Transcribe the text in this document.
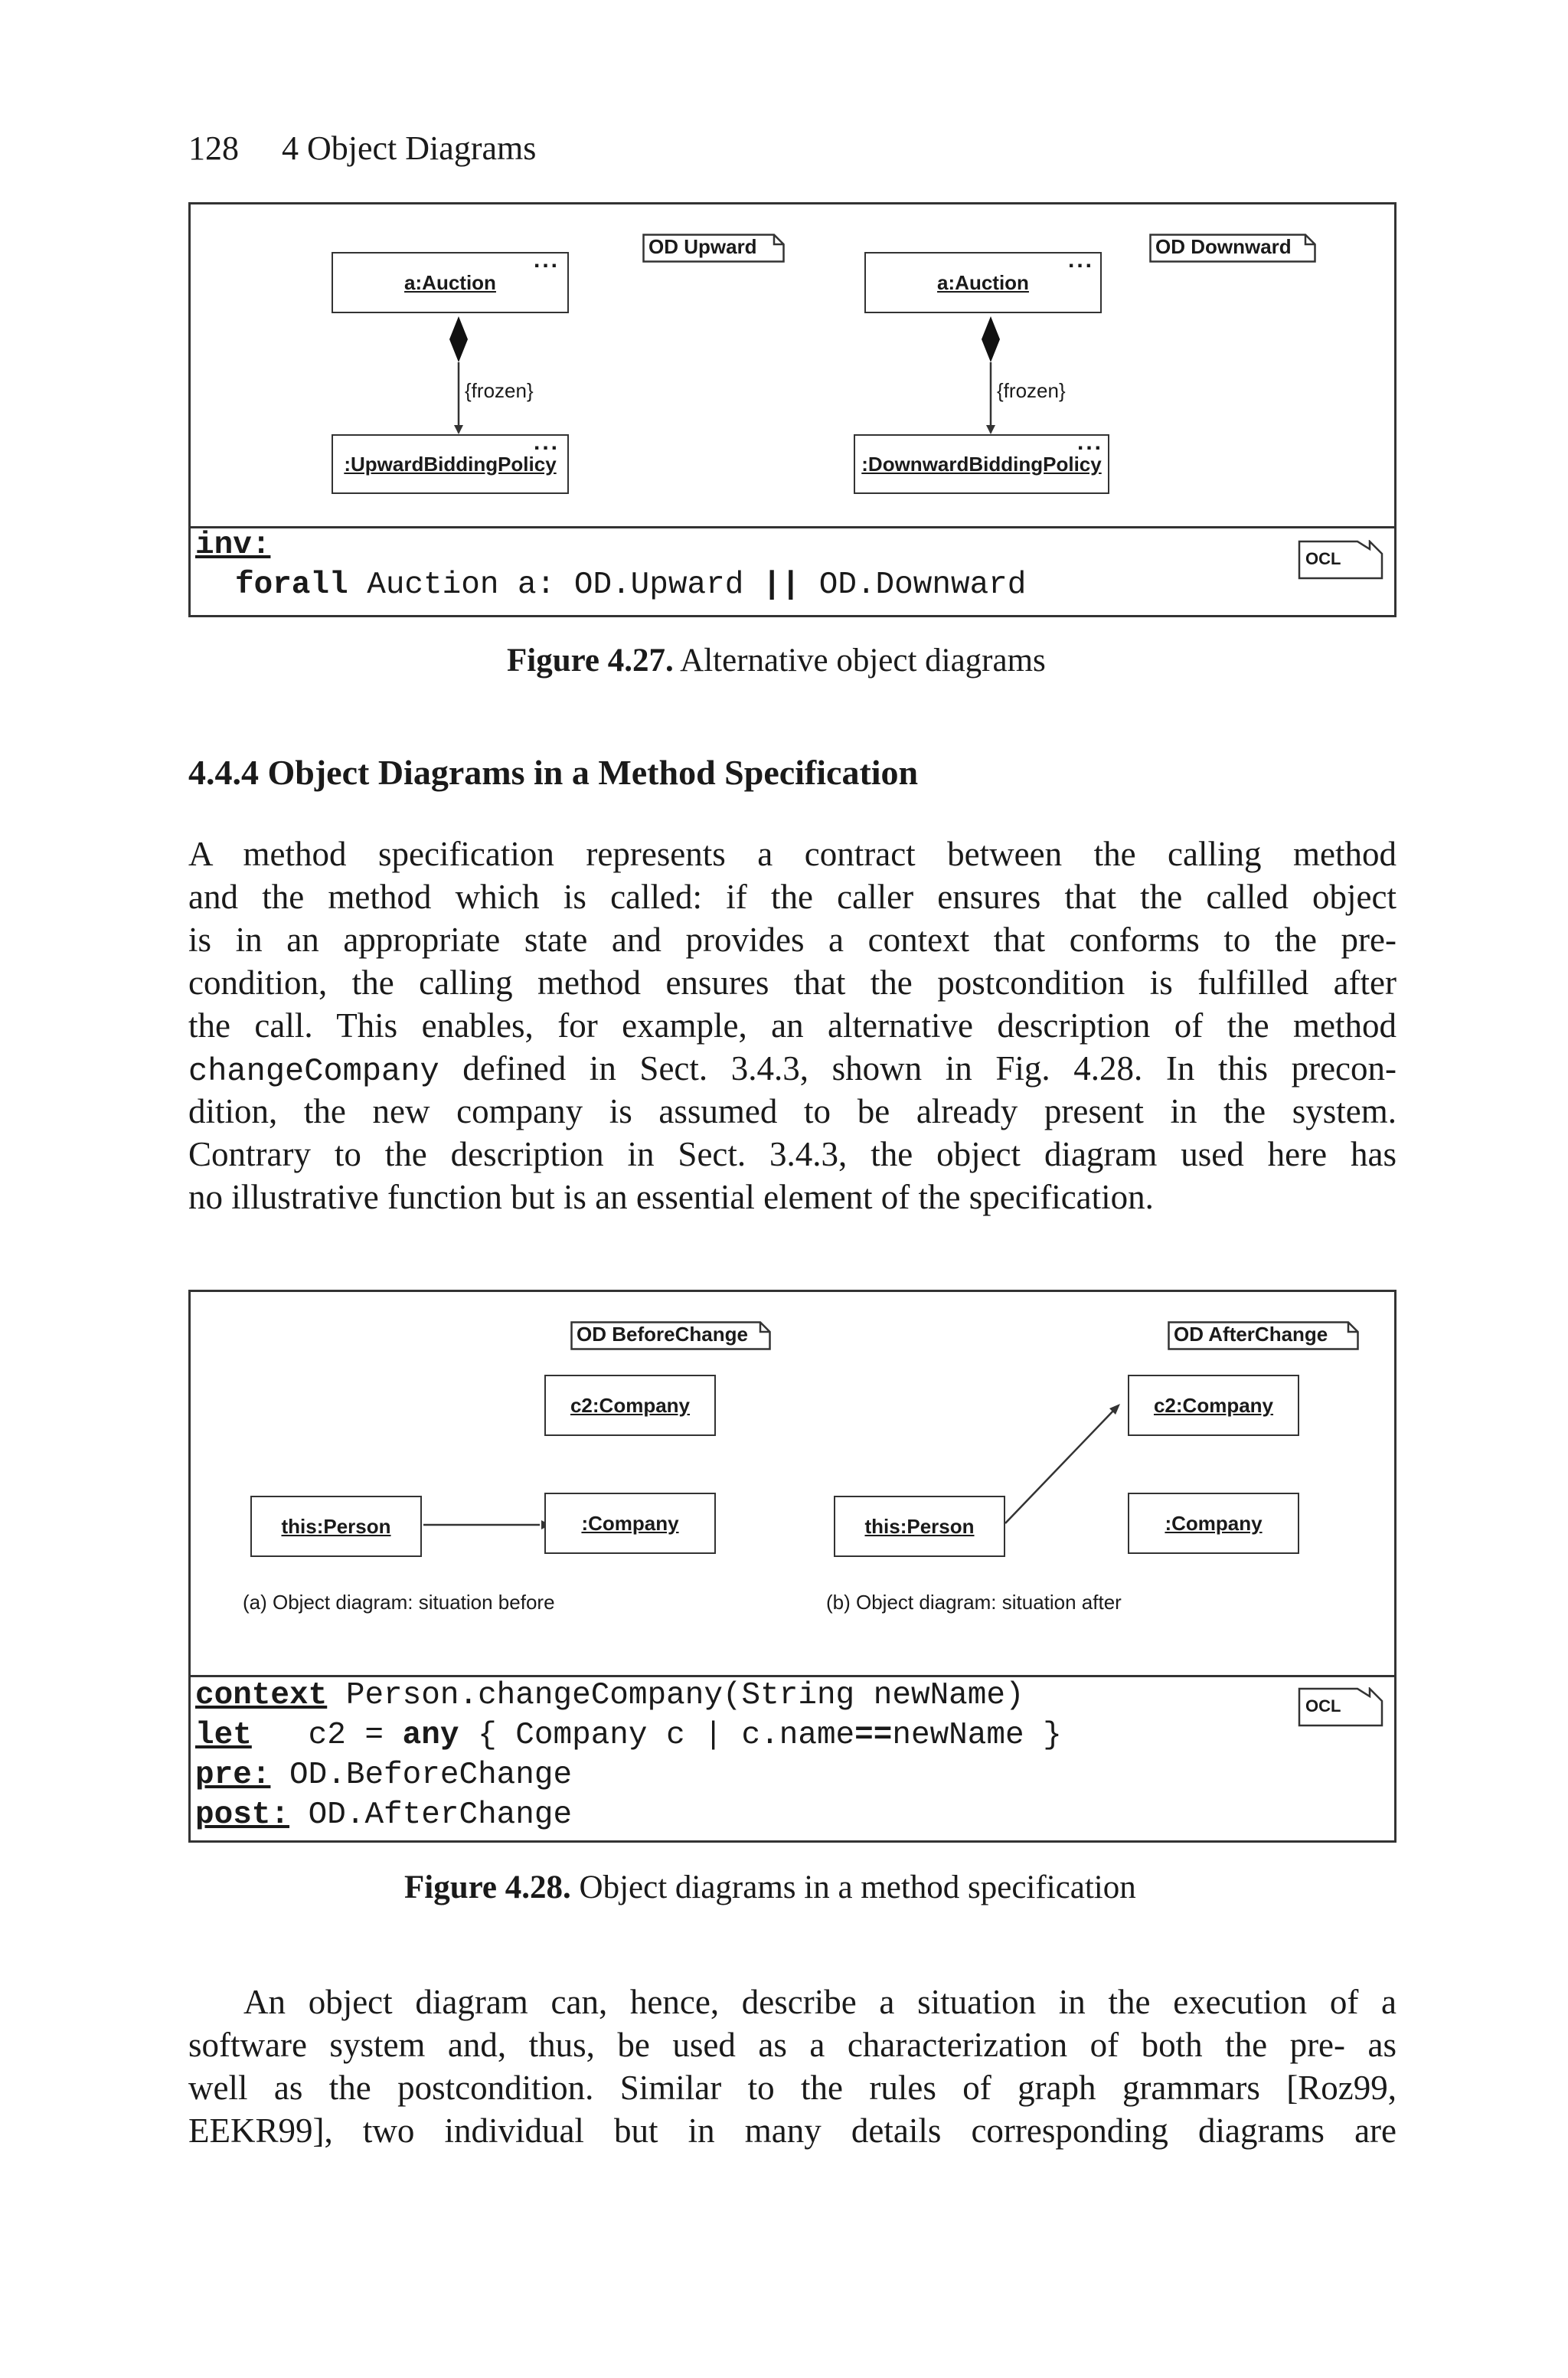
128 4 Object Diagrams
OD Upward
a:Auction
...
{frozen}
:UpwardBiddingPolicy
...
OD Downward
a:Auction
...
{frozen}
:DownwardBiddingPolicy
...
inv:
forall Auction a: OD.Upward || OD.Downward
OCL
Figure 4.27. Alternative object diagrams
4.4.4 Object Diagrams in a Method Specification
A method specification represents a contract between the calling method
and the method which is called: if the caller ensures that the called object
is in an appropriate state and provides a context that conforms to the pre-
condition, the calling method ensures that the postcondition is fulfilled after
the call. This enables, for example, an alternative description of the method
changeCompany defined in Sect. 3.4.3, shown in Fig. 4.28. In this precon-
dition, the new company is assumed to be already present in the system.
Contrary to the description in Sect. 3.4.3, the object diagram used here has
no illustrative function but is an essential element of the specification.
OD BeforeChange
c2:Company
this:Person	:Company
(a) Object diagram: situation before
OD AfterChange
c2:Company
this:Person	:Company
(b) Object diagram: situation after
context Person.changeCompany(String newName)
let   c2 = any { Company c | c.name==newName }
pre: OD.BeforeChange
post: OD.AfterChange
OCL
Figure 4.28. Object diagrams in a method specification
An object diagram can, hence, describe a situation in the execution of a
software system and, thus, be used as a characterization of both the pre- as
well as the postcondition. Similar to the rules of graph grammars [Roz99,
EEKR99], two individual but in many details corresponding diagrams are
